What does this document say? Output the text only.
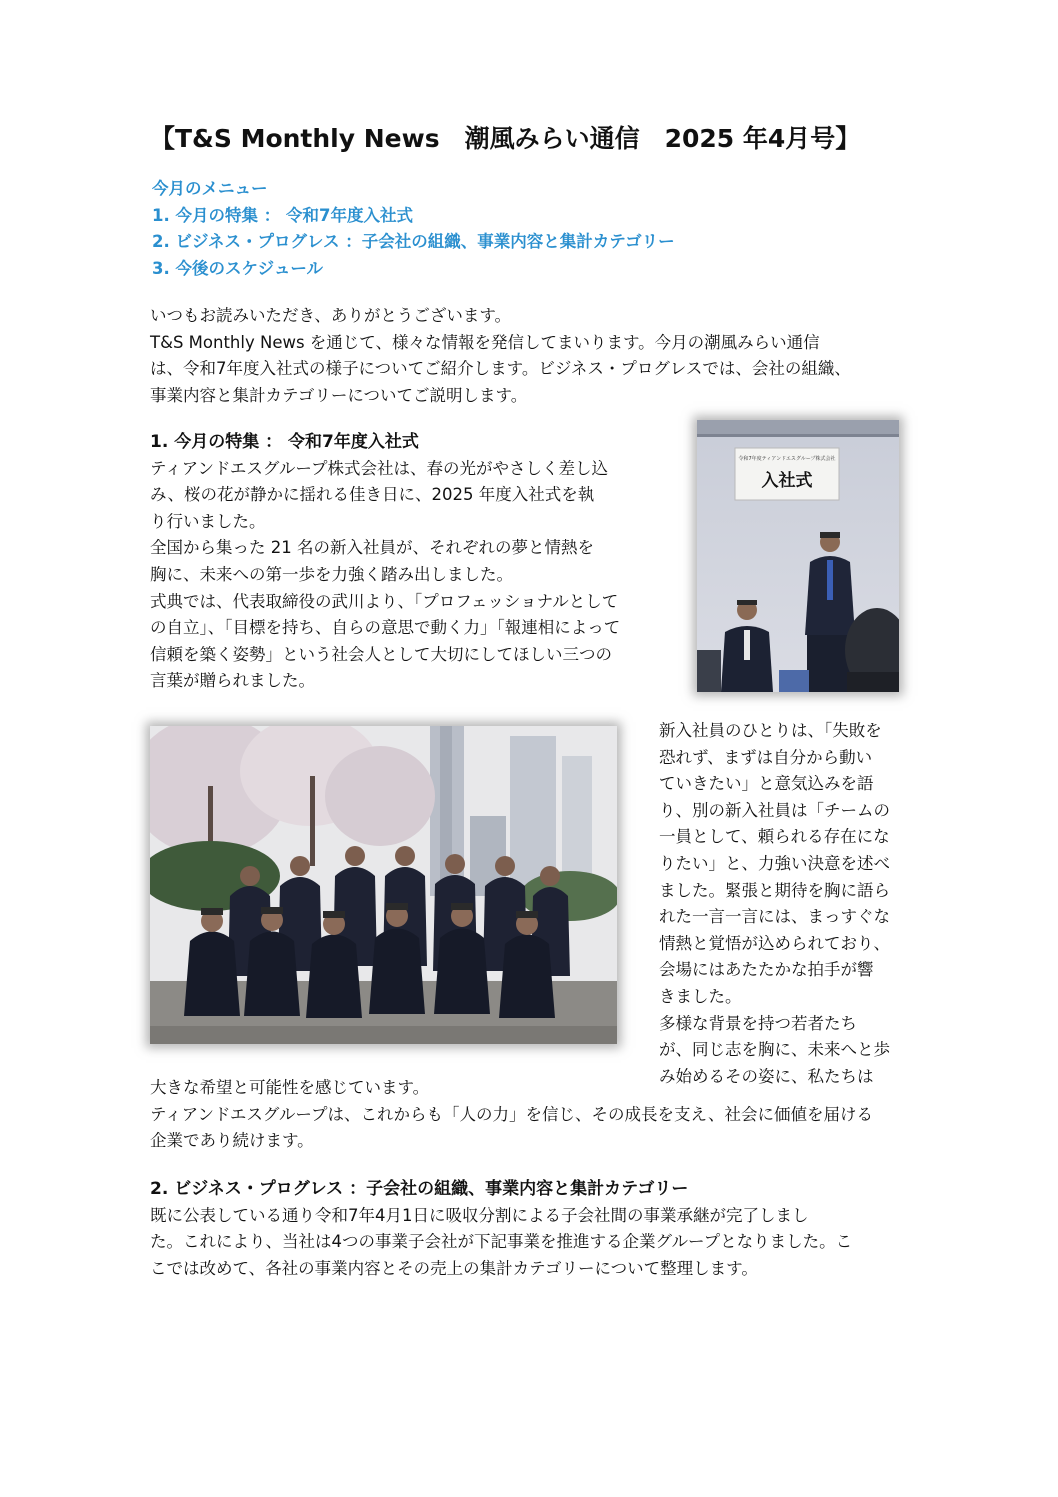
【T&S Monthly News　潮風みらい通信　2025 年4月号】
今月のメニュー
1. 今月の特集 ： 令和7年度入社式
2. ビジネス・プログレス ：子会社の組織、事業内容と集計カテゴリー
3. 今後のスケジュール
いつもお読みいただき、ありがとうございます。
T&S Monthly News を通じて、様々な情報を発信してまいります。今月の潮風みらい通信
は、令和7年度入社式の様子についてご紹介します。ビジネス・プログレスでは、会社の組織、
事業内容と集計カテゴリーについてご説明します。
1. 今月の特集 ： 令和7年度入社式
ティアンドエスグループ株式会社は、春の光がやさしく差し込
み、桜の花が静かに揺れる佳き日に、2025 年度入社式を執
り行いました。
全国から集った 21 名の新入社員が、それぞれの夢と情熱を
胸に、未来への第一歩を力強く踏み出しました。
式典では、代表取締役の武川より、「プロフェッショナルとして
の自立」、「目標を持ち、自らの意思で動く力」「報連相によって
信頼を築く姿勢」という社会人として大切にしてほしい三つの
言葉が贈られました。
令和7年度ティアンドエスグループ株式会社
入社式
新入社員のひとりは、「失敗を
恐れず、まずは自分から動い
ていきたい」と意気込みを語
り、別の新入社員は「チームの
一員として、頼られる存在にな
りたい」と、力強い決意を述べ
ました。緊張と期待を胸に語ら
れた一言一言には、まっすぐな
情熱と覚悟が込められており、
会場にはあたたかな拍手が響
きました。
多様な背景を持つ若者たち
が、同じ志を胸に、未来へと歩
み始めるその姿に、私たちは
大きな希望と可能性を感じています。
ティアンドエスグループは、これからも「人の力」を信じ、その成長を支え、社会に価値を届ける
企業であり続けます。
2. ビジネス・プログレス ：子会社の組織、事業内容と集計カテゴリー
既に公表している通り令和7年4月1日に吸収分割による子会社間の事業承継が完了しまし
た。これにより、当社は4つの事業子会社が下記事業を推進する企業グループとなりました。こ
こでは改めて、各社の事業内容とその売上の集計カテゴリーについて整理します。
